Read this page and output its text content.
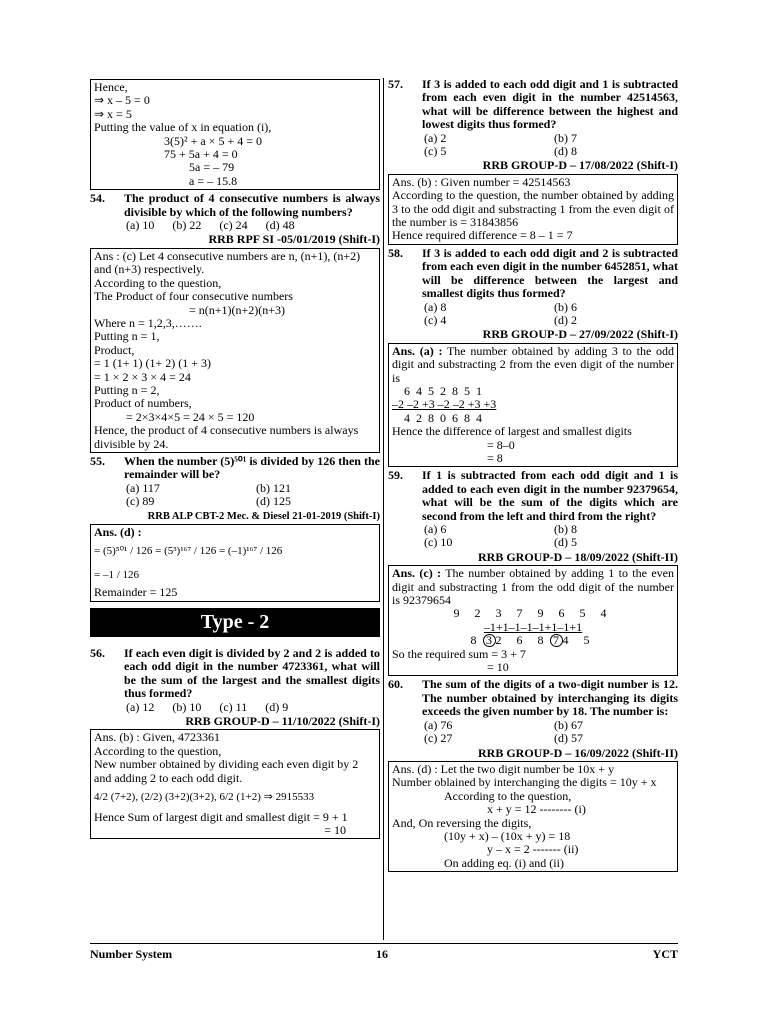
Hence,
⇒ x – 5 = 0
⇒ x = 5
Putting the value of x in equation (i),
3(5)² + a × 5 + 4 = 0
75 + 5a + 4 = 0
5a = – 79
a = – 15.8
54.	The product of 4 consecutive numbers is always divisible by which of the following numbers?
(a) 10 (b) 22 (c) 24 (d) 48
RRB RPF SI -05/01/2019 (Shift-I)
Ans : (c) Let 4 consecutive numbers are n, (n+1), (n+2) and (n+3) respectively.
According to the question,
The Product of four consecutive numbers
= n(n+1)(n+2)(n+3)
Where n = 1,2,3,…….
Putting n = 1,
Product,
= 1 (1+ 1) (1+ 2) (1 + 3)
= 1 × 2 × 3 × 4 = 24
Putting n = 2,
Product of numbers,
= 2×3×4×5 = 24 × 5 = 120
Hence, the product of 4 consecutive numbers is always divisible by 24.
55.	When the number (5)⁵⁰¹ is divided by 126 then the remainder will be?
(a) 117	(b) 121
(c) 89	(d) 125
RRB ALP CBT-2 Mec. & Diesel 21-01-2019 (Shift-I)
Ans. (d) :
= (5)⁵⁰¹ / 126 = (5³)¹⁶⁷ / 126 = (–1)¹⁶⁷ / 126
= –1 / 126
Remainder = 125
Type - 2
56.	If each even digit is divided by 2 and 2 is added to each odd digit in the number 4723361, what will be the sum of the largest and the smallest digits thus formed?
(a) 12 (b) 10 (c) 11 (d) 9
RRB GROUP-D – 11/10/2022 (Shift-I)
Ans. (b) : Given, 4723361
According to the question,
New number obtained by dividing each even digit by 2 and adding 2 to each odd digit.
4/2 (7+2), (2/2) (3+2)(3+2), 6/2 (1+2) ⇒ 2915533
Hence Sum of largest digit and smallest digit = 9 + 1
= 10
57.	If 3 is added to each odd digit and 1 is subtracted from each even digit in the number 42514563, what will be difference between the highest and lowest digits thus formed?
(a) 2	(b) 7
(c) 5	(d) 8
RRB GROUP-D – 17/08/2022 (Shift-I)
Ans. (b) : Given number = 42514563
According to the question, the number obtained by adding 3 to the odd digit and substracting 1 from the even digit of the number is = 31843856
Hence required difference = 8 – 1 = 7
58.	If 3 is added to each odd digit and 2 is subtracted from each even digit in the number 6452851, what will be difference between the largest and smallest digits thus formed?
(a) 8	(b) 6
(c) 4	(d) 2
RRB GROUP-D – 27/09/2022 (Shift-I)
Ans. (a) : The number obtained by adding 3 to the odd digit and substracting 2 from the even digit of the number is
6  4  5  2  8  5  1
–2 –2 +3 –2 –2 +3 +3
4  2  8  0  6  8  4
Hence the difference of largest and smallest digits
= 8–0
= 8
59.	If 1 is subtracted from each odd digit and 1 is added to each even digit in the number 92379654, what will be the sum of the digits which are second from the left and third from the right?
(a) 6	(b) 8
(c) 10	(d) 5
RRB GROUP-D – 18/09/2022 (Shift-II)
Ans. (c) : The number obtained by adding 1 to the even digit and substracting 1 from the odd digit of the number is 92379654
9 2 3 7 9 6 5 4
–1+1–1–1–1+1–1+1
8 3 2 6 8 7 4 5
So the required sum = 3 + 7
= 10
60.	The sum of the digits of a two-digit number is 12. The number obtained by interchanging its digits exceeds the given number by 18. The number is:
(a) 76	(b) 67
(c) 27	(d) 57
RRB GROUP-D – 16/09/2022 (Shift-II)
Ans. (d) : Let the two digit number be 10x + y
Number oblained by interchanging the digits = 10y + x
According to the question,
x + y = 12 -------- (i)
And, On reversing the digits,
(10y + x) – (10x + y) = 18
y – x = 2 ------- (ii)
On adding eq. (i) and (ii)
Number System	16	YCT
